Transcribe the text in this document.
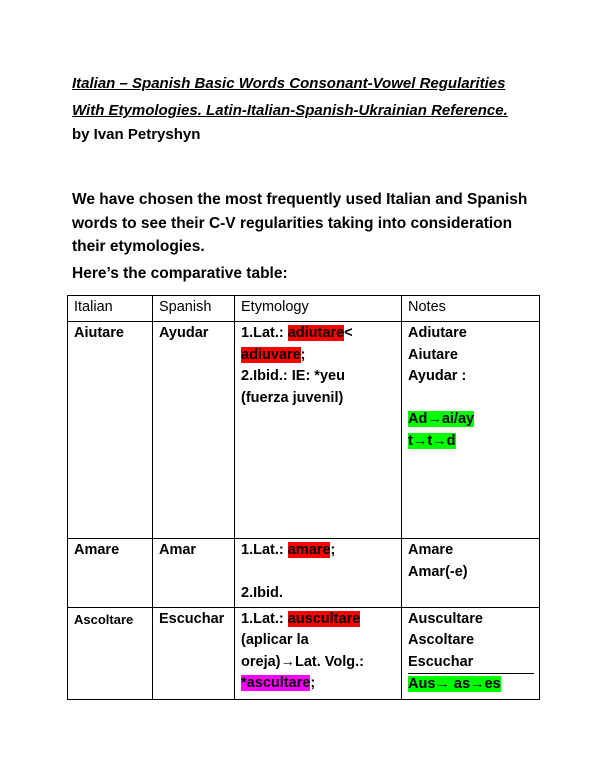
Italian – Spanish Basic Words Consonant-Vowel Regularities
With Etymologies. Latin-Italian-Spanish-Ukrainian Reference.
by Ivan Petryshyn
We have chosen the most frequently used Italian and Spanish
words to see their C-V regularities taking into consideration
their etymologies.
Here’s the comparative table:
Italian	Spanish	Etymology	Notes
Aiutare	Ayudar	1.Lat.: adiutare<
adiuvare;
2.Ibid.: IE: *yeu
(fuerza juvenil)	Adiutare
Aiutare
Ayudar :
Ad→ai/ay
t→t→d

Amare	Amar	1.Lat.: amare;
2.Ibid.	Amare
Amar(-e)

Ascoltare	Escuchar	1.Lat.: auscultare
(aplicar la
oreja)→Lat. Volg.:
*ascultare;	Auscultare
Ascoltare
Escuchar
Aus→ as→es
